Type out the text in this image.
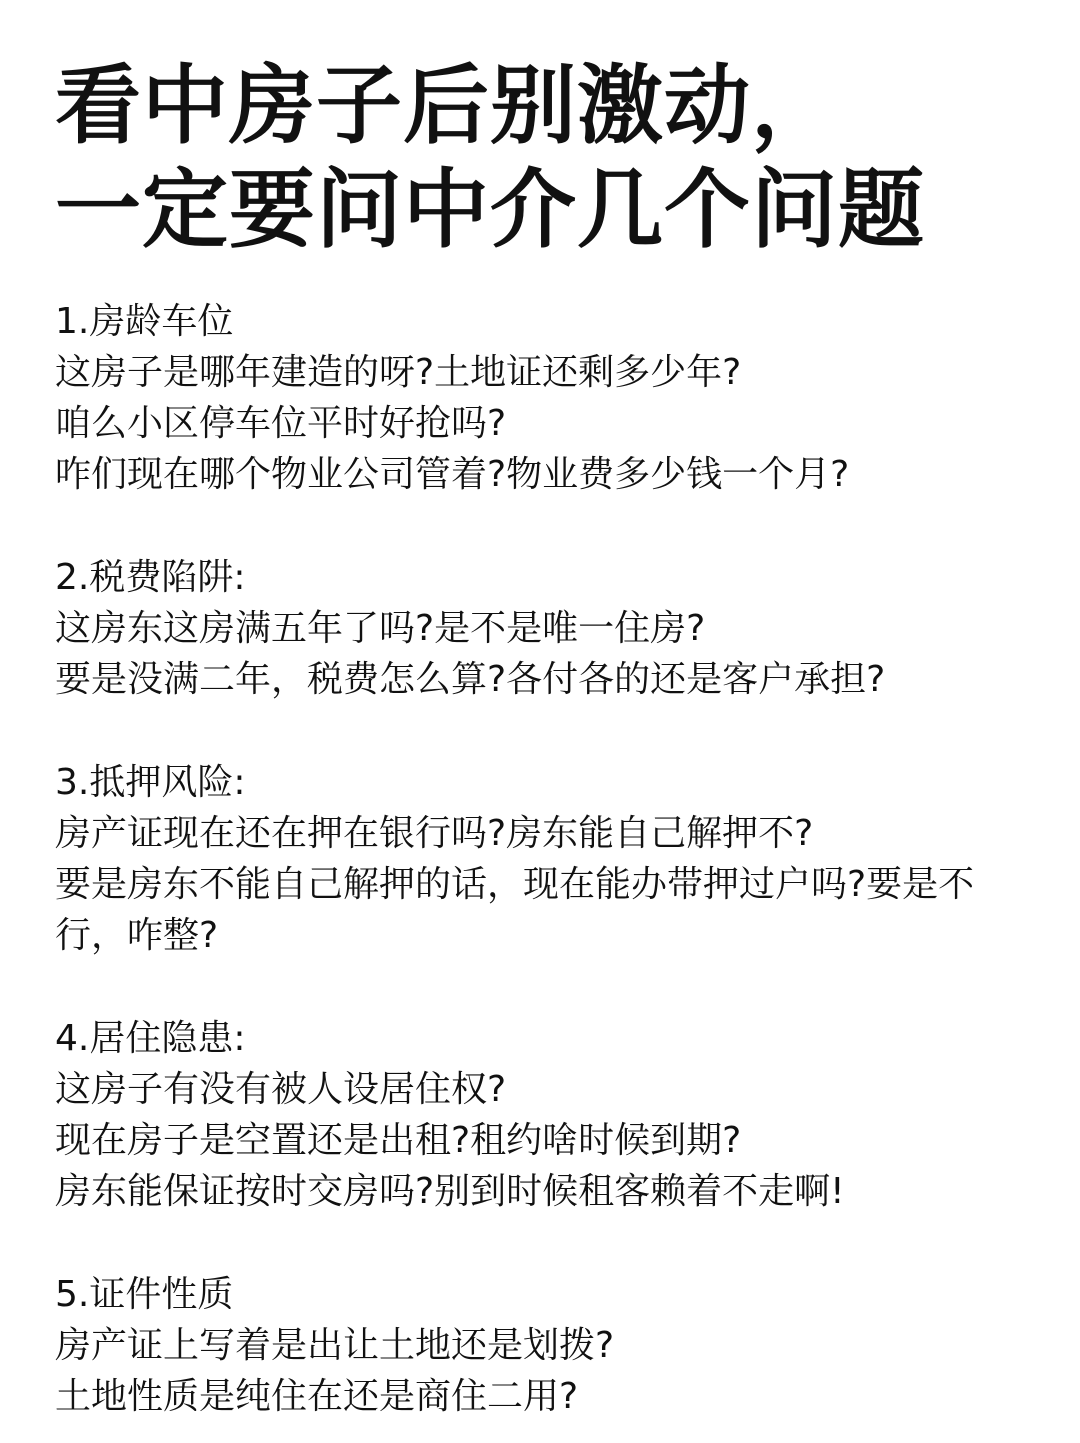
看中房子后别激动，
一定要问中介几个问题
1.房龄车位
这房子是哪年建造的呀?土地证还剩多少年?
咱么小区停车位平时好抢吗?
咋们现在哪个物业公司管着?物业费多少钱一个月?
2.税费陷阱:
这房东这房满五年了吗?是不是唯一住房?
要是没满二年，税费怎么算?各付各的还是客户承担?
3.抵押风险:
房产证现在还在押在银行吗?房东能自己解押不?
要是房东不能自己解押的话，现在能办带押过户吗?要是不行，咋整?
4.居住隐患:
这房子有没有被人设居住权?
现在房子是空置还是出租?租约啥时候到期?
房东能保证按时交房吗?别到时候租客赖着不走啊!
5.证件性质
房产证上写着是出让土地还是划拨?
土地性质是纯住在还是商住二用?
